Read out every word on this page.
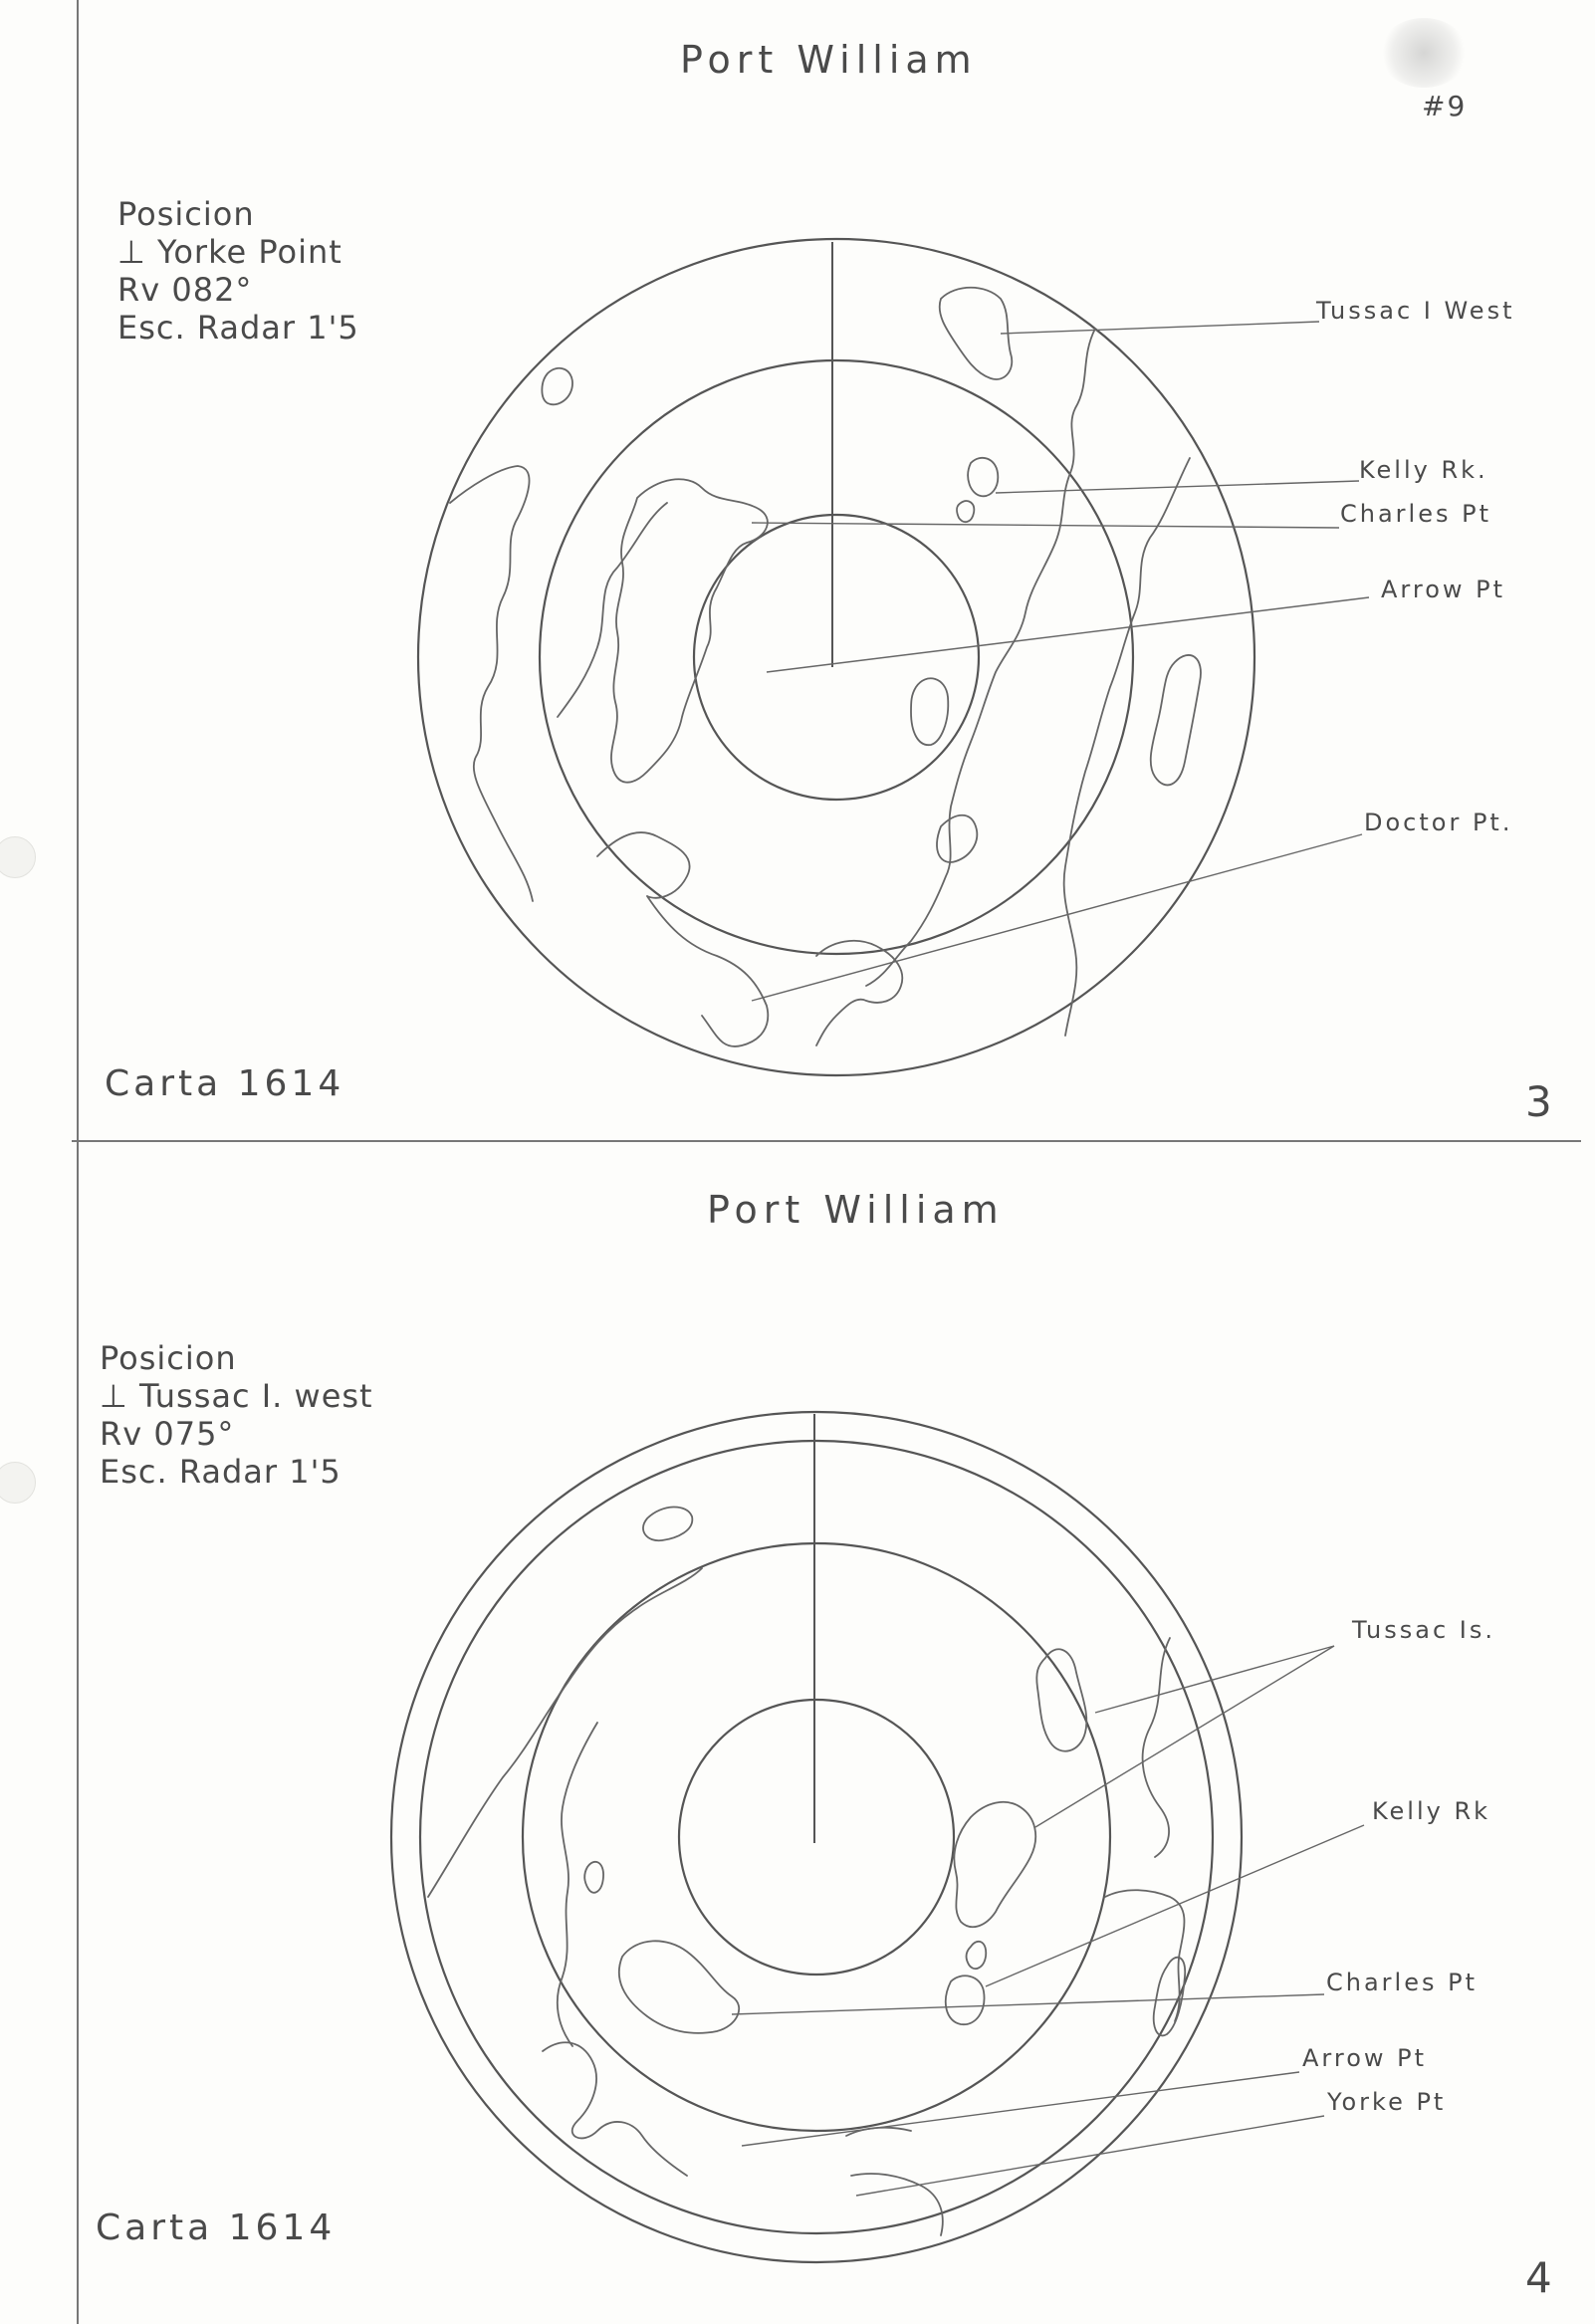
#9
Port William
Posicion
⊥ Yorke Point
Rv 082°
Esc. Radar 1'5	Tussac I West
Kelly Rk.
Charles Pt
Arrow Pt
Doctor Pt.
Carta 1614	3
Port William
Posicion
⊥ Tussac I. west
Rv 075°
Esc. Radar 1'5
Tussac Is.
Kelly Rk
Charles Pt
Arrow Pt
Yorke Pt
Carta 1614
4
